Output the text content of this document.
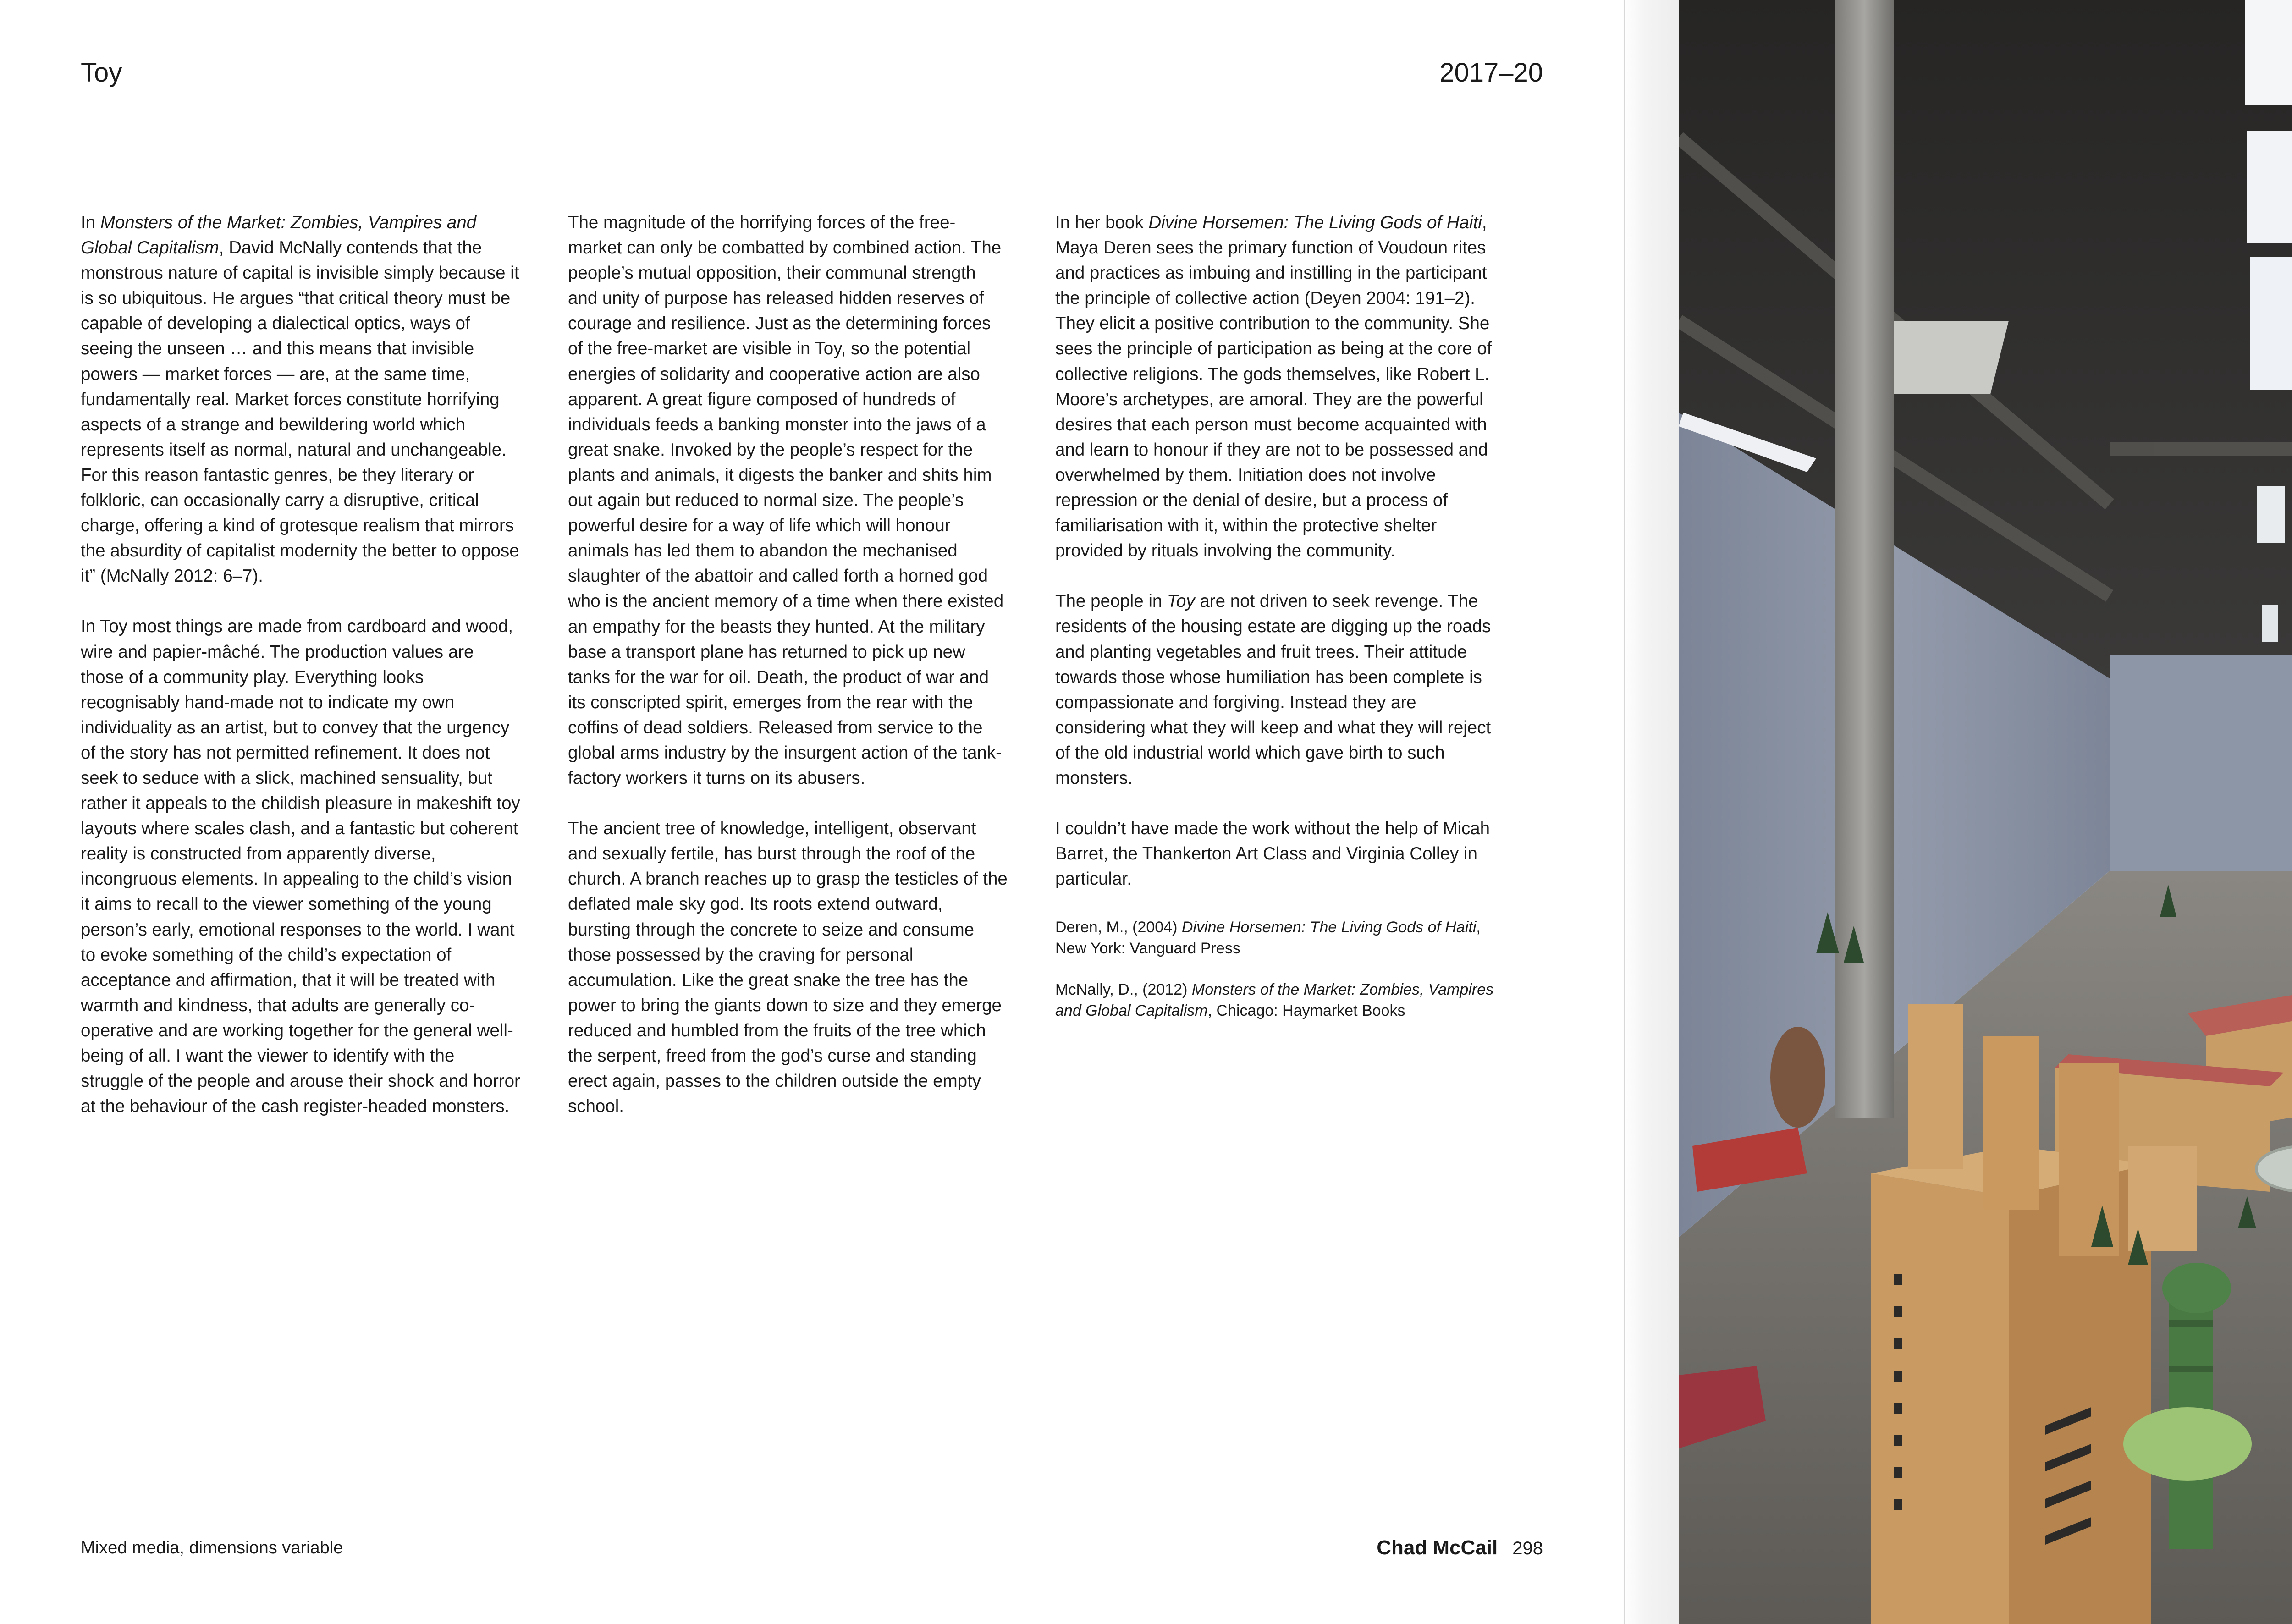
Toy

In Monsters of the Market: Zombies, Vampires and Global Capitalism, David McNally contends that the monstrous nature of capital is invisible simply because it is so ubiquitous. He argues “that critical theory must be capable of developing a dialectical optics, ways of seeing the unseen … and this means that invisible powers — market forces — are, at the same time, fundamentally real. Market forces constitute horrifying aspects of a strange and bewildering world which represents itself as normal, natural and unchangeable. For this reason fantastic genres, be they literary or folkloric, can occasionally carry a disruptive, critical charge, offering a kind of grotesque realism that mirrors the absurdity of capitalist modernity the better to oppose it” (McNally 2012: 6–7).

In Toy most things are made from cardboard and wood, wire and papier-mâché. The production values are those of a community play. Everything looks recognisably hand-made not to indicate my own individuality as an artist, but to convey that the urgency of the story has not permitted refinement. It does not seek to seduce with a slick, machined sensuality, but rather it appeals to the childish pleasure in makeshift toy layouts where scales clash, and a fantastic but coherent reality is constructed from apparently diverse, incongruous elements. In appealing to the child’s vision it aims to recall to the viewer something of the young person’s early, emotional responses to the world. I want to evoke something of the child’s expectation of acceptance and affirmation, that it will be treated with warmth and kindness, that adults are generally co-operative and are working together for the general well-being of all. I want the viewer to identify with the struggle of the people and arouse their shock and horror at the behaviour of the cash register-headed monsters.

The magnitude of the horrifying forces of the free-market can only be combatted by combined action. The people’s mutual opposition, their communal strength and unity of purpose has released hidden reserves of courage and resilience. Just as the determining forces of the free-market are visible in Toy, so the potential energies of solidarity and cooperative action are also apparent. A great figure composed of hundreds of individuals feeds a banking monster into the jaws of a great snake. Invoked by the people’s respect for the plants and animals, it digests the banker and shits him out again but reduced to normal size. The people’s powerful desire for a way of life which will honour animals has led them to abandon the mechanised slaughter of the abattoir and called forth a horned god who is the ancient memory of a time when there existed an empathy for the beasts they hunted. At the military base a transport plane has returned to pick up new tanks for the war for oil. Death, the product of war and its conscripted spirit, emerges from the rear with the coffins of dead soldiers. Released from service to the global arms industry by the insurgent action of the tank-factory workers it turns on its abusers.

The ancient tree of knowledge, intelligent, observant and sexually fertile, has burst through the roof of the church. A branch reaches up to grasp the testicles of the deflated male sky god. Its roots extend outward, bursting through the concrete to seize and consume those possessed by the craving for personal accumulation. Like the great snake the tree has the power to bring the giants down to size and they emerge reduced and humbled from the fruits of the tree which the serpent, freed from the god’s curse and standing erect again, passes to the children outside the empty school.

In her book Divine Horsemen: The Living Gods of Haiti, Maya Deren sees the primary function of Voudoun rites and practices as imbuing and instilling in the participant the principle of collective action (Deyen 2004: 191–2). They elicit a positive contribution to the community. She sees the principle of participation as being at the core of collective religions. The gods themselves, like Robert L. Moore’s archetypes, are amoral. They are the powerful desires that each person must become acquainted with and learn to honour if they are not to be possessed and overwhelmed by them. Initiation does not involve repression or the denial of desire, but a process of familiarisation with it, within the protective shelter provided by rituals involving the community.

The people in Toy are not driven to seek revenge. The residents of the housing estate are digging up the roads and planting vegetables and fruit trees. Their attitude towards those whose humiliation has been complete is compassionate and forgiving. Instead they are considering what they will keep and what they will reject of the old industrial world which gave birth to such monsters.

I couldn’t have made the work without the help of Micah Barret, the Thankerton Art Class and Virginia Colley in particular.

Deren, M., (2004) Divine Horsemen: The Living Gods of Haiti, New York: Vanguard Press

McNally, D., (2012) Monsters of the Market: Zombies, Vampires and Global Capitalism, Chicago: Haymarket Books

Mixed media, dimensions variable
2017–20
Chad McCail 298
